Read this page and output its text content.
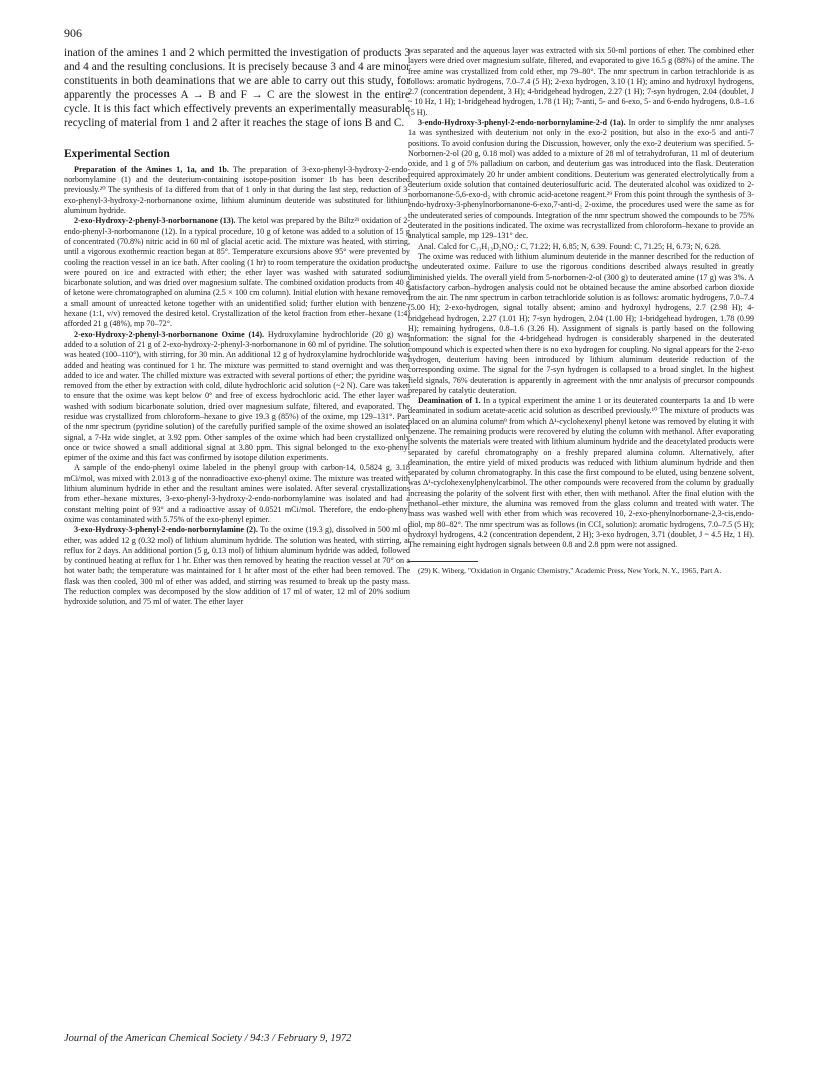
906

ination of the amines 1 and 2 which permitted the investigation of products 3 and 4 and the resulting conclusions. It is precisely because 3 and 4 are minor constituents in both deaminations that we are able to carry out this study, for apparently the processes A → B and F → C are the slowest in the entire cycle. It is this fact which effectively prevents an experimentally measurable recycling of material from 1 and 2 after it reaches the stage of ions B and C.

Experimental Section

Preparation of the Amines 1, 1a, and 1b. The preparation of 3-exo-phenyl-3-hydroxy-2-endo-norbornylamine (1) and the deuterium-containing isotope-position isomer 1b has been described previously.²⁰ The synthesis of 1a differed from that of 1 only in that during the last step, reduction of 3-exo-phenyl-3-hydroxy-2-norbornanone oxime, lithium aluminum deuteride was substituted for lithium aluminum hydride.

2-exo-Hydroxy-2-phenyl-3-norbornanone (13). The ketol was prepared by the Biltz²¹ oxidation of 2-endo-phenyl-3-norbornanone (12). In a typical procedure, 10 g of ketone was added to a solution of 15 g of concentrated (70.8%) nitric acid in 60 ml of glacial acetic acid. The mixture was heated, with stirring, until a vigorous exothermic reaction began at 85°. Temperature excursions above 95° were prevented by cooling the reaction vessel in an ice bath. After cooling (1 hr) to room temperature the oxidation products were poured on ice and extracted with ether; the ether layer was washed with saturated sodium bicarbonate solution, and was dried over magnesium sulfate. The combined oxidation products from 40 g of ketone were chromatographed on alumina (2.5 × 100 cm column). Initial elution with hexane removed a small amount of unreacted ketone together with an unidentified solid; further elution with benzene–hexane (1:1, v/v) removed the desired ketol. Crystallization of the ketol fraction from ether–hexane (1:4) afforded 21 g (48%), mp 70–72°.

2-exo-Hydroxy-2-phenyl-3-norbornanone Oxime (14). Hydroxylamine hydrochloride (20 g) was added to a solution of 21 g of 2-exo-hydroxy-2-phenyl-3-norbornanone in 60 ml of pyridine. The solution was heated (100–110°), with stirring, for 30 min. An additional 12 g of hydroxylamine hydrochloride was added and heating was continued for 1 hr. The mixture was permitted to stand overnight and was then added to ice and water. The chilled mixture was extracted with several portions of ether; the pyridine was removed from the ether by extraction with cold, dilute hydrochloric acid solution (~2 N). Care was taken to ensure that the oxime was kept below 0° and free of excess hydrochloric acid. The ether layer was washed with sodium bicarbonate solution, dried over magnesium sulfate, filtered, and evaporated. The residue was crystallized from chloroform–hexane to give 19.3 g (85%) of the oxime, mp 129–131°. Part of the nmr spectrum (pyridine solution) of the carefully purified sample of the oxime showed an isolated signal, a 7-Hz wide singlet, at 3.92 ppm. Other samples of the oxime which had been crystallized only once or twice showed a small additional signal at 3.80 ppm. This signal belonged to the exo-phenyl epimer of the oxime and this fact was confirmed by isotope dilution experiments.

A sample of the endo-phenyl oxime labeled in the phenyl group with carbon-14, 0.5824 g, 3.18 mCi/mol, was mixed with 2.013 g of the nonradioactive exo-phenyl oxime. The mixture was treated with lithium aluminum hydride in ether and the resultant amines were isolated. After several crystallizations from ether–hexane mixtures, 3-exo-phenyl-3-hydroxy-2-endo-norbornylamine was isolated and had a constant melting point of 93° and a radioactive assay of 0.0521 mCi/mol. Therefore, the endo-phenyl oxime was contaminated with 5.75% of the exo-phenyl epimer.

3-exo-Hydroxy-3-phenyl-2-endo-norbornylamine (2). To the oxime (19.3 g), dissolved in 500 ml of ether, was added 12 g (0.32 mol) of lithium aluminum hydride. The solution was heated, with stirring, at reflux for 2 days. An additional portion (5 g, 0.13 mol) of lithium aluminum hydride was added, followed by continued heating at reflux for 1 hr. Ether was then removed by heating the reaction vessel at 70° on a hot water bath; the temperature was maintained for 1 hr after most of the ether had been removed. The flask was then cooled, 300 ml of ether was added, and stirring was resumed to break up the pasty mass. The reduction complex was decomposed by the slow addition of 17 ml of water, 12 ml of 20% sodium hydroxide solution, and 75 ml of water. The ether layer

was separated and the aqueous layer was extracted with six 50-ml portions of ether. The combined ether layers were dried over magnesium sulfate, filtered, and evaporated to give 16.5 g (88%) of the amine. The free amine was crystallized from cold ether, mp 79–80°. The nmr spectrum in carbon tetrachloride is as follows: aromatic hydrogens, 7.0–7.4 (5 H); 2-exo hydrogen, 3.10 (1 H); amino and hydroxyl hydrogens, 2.7 (concentration dependent, 3 H); 4-bridgehead hydrogen, 2.27 (1 H); 7-syn hydrogen, 2.04 (doublet, J ~ 10 Hz, 1 H); 1-bridgehead hydrogen, 1.78 (1 H); 7-anti, 5- and 6-exo, 5- and 6-endo hydrogens, 0.8–1.6 (5 H).

3-endo-Hydroxy-3-phenyl-2-endo-norbornylamine-2-d (1a). In order to simplify the nmr analyses 1a was synthesized with deuterium not only in the exo-2 position, but also in the exo-5 and anti-7 positions. To avoid confusion during the Discussion, however, only the exo-2 deuterium was specified. 5-Norbornen-2-ol (20 g, 0.18 mol) was added to a mixture of 28 ml of tetrahydrofuran, 11 ml of deuterium oxide, and 1 g of 5% palladium on carbon, and deuterium gas was introduced into the flask. Deuteration required approximately 20 hr under ambient conditions. Deuterium was generated electrolytically from a deuterium oxide solution that contained deuteriosulfuric acid. The deuterated alcohol was oxidized to 2-norbornanone-5,6-exo-d₂ with chromic acid-acetone reagent.²⁹ From this point through the synthesis of 3-endo-hydroxy-3-phenylnorbornanone-6-exo,7-anti-d₂ 2-oxime, the procedures used were the same as for the undeuterated series of compounds. Integration of the nmr spectrum showed the compounds to be 75% deuterated in the positions indicated. The oxime was recrystallized from chloroform–hexane to provide an analytical sample, mp 129–131° dec.

Anal. Calcd for C₁₃H₁₃D₂NO₂: C, 71.22; H, 6.85; N, 6.39. Found: C, 71.25; H, 6.73; N, 6.28.

The oxime was reduced with lithium aluminum deuteride in the manner described for the reduction of the undeuterated oxime. Failure to use the rigorous conditions described always resulted in greatly diminished yields. The overall yield from 5-norbornen-2-ol (300 g) to deuterated amine (17 g) was 3%. A satisfactory carbon–hydrogen analysis could not be obtained because the amine absorbed carbon dioxide from the air. The nmr spectrum in carbon tetrachloride solution is as follows: aromatic hydrogens, 7.0–7.4 (5.00 H); 2-exo-hydrogen, signal totally absent; amino and hydroxyl hydrogens, 2.7 (2.98 H); 4-bridgehead hydrogen, 2.27 (1.01 H); 7-syn hydrogen, 2.04 (1.00 H); 1-bridgehead hydrogen, 1.78 (0.99 H); remaining hydrogens, 0.8–1.6 (3.26 H). Assignment of signals is partly based on the following information: the signal for the 4-bridgehead hydrogen is considerably sharpened in the deuterated compound which is expected when there is no exo hydrogen for coupling. No signal appears for the 2-exo hydrogen, deuterium having been introduced by lithium aluminum deuteride reduction of the corresponding oxime. The signal for the 7-syn hydrogen is collapsed to a broad singlet. In the highest field signals, 76% deuteration is apparently in agreement with the nmr analysis of precursor compounds prepared by catalytic deuteration.

Deamination of 1. In a typical experiment the amine 1 or its deuterated counterparts 1a and 1b were deaminated in sodium acetate-acetic acid solution as described previously.¹⁰ The mixture of products was placed on an alumina column⁹ from which Δ¹-cyclohexenyl phenyl ketone was removed by eluting it with benzene. The remaining products were recovered by eluting the column with methanol. After evaporating the solvents the materials were treated with lithium aluminum hydride and the deacetylated products were separated by careful chromatography on a freshly prepared alumina column. Alternatively, after deamination, the entire yield of mixed products was reduced with lithium aluminum hydride and then separated by column chromatography. In this case the first compound to be eluted, using benzene solvent, was Δ¹-cyclohexenylphenylcarbinol. The other compounds were recovered from the column by gradually increasing the polarity of the solvent first with ether, then with methanol. After the final elution with the methanol–ether mixture, the alumina was removed from the glass column and treated with water. The mass was washed well with ether from which was recovered 10, 2-exo-phenylnorbornane-2,3-cis,endo-diol, mp 80–82°. The nmr spectrum was as follows (in CCl₄ solution): aromatic hydrogens, 7.0–7.5 (5 H); hydroxyl hydrogens, 4.2 (concentration dependent, 2 H); 3-exo hydrogen, 3.71 (doublet, J ~ 4.5 Hz, 1 H). The remaining eight hydrogen signals between 0.8 and 2.8 ppm were not assigned.

(29) K. Wiberg, "Oxidation in Organic Chemistry," Academic Press, New York, N. Y., 1965, Part A.

Journal of the American Chemical Society / 94:3 / February 9, 1972
